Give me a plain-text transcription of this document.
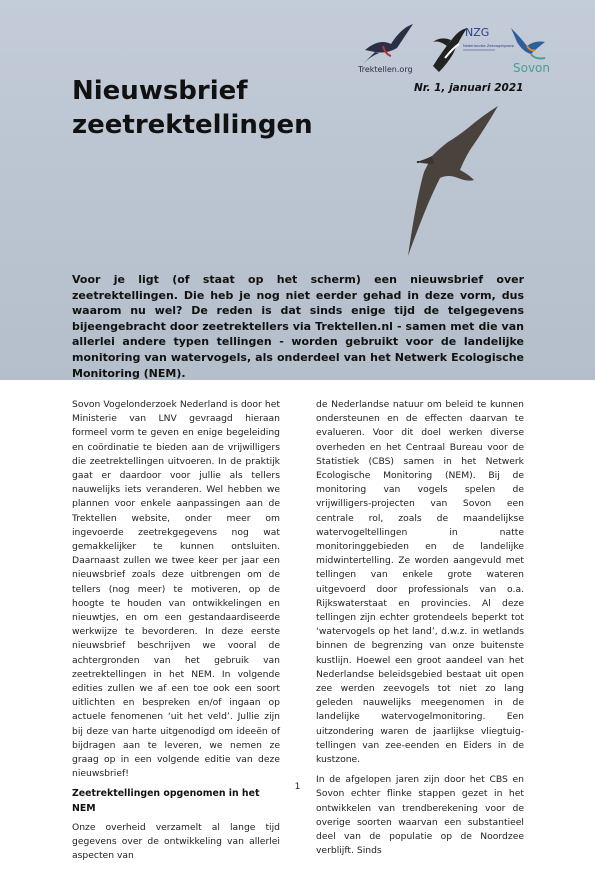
Trektellen.org
NZG
Nederlandse Zeevogelgroep
Sovon
Nieuwsbrief zeetrektellingen
Nr. 1, januari 2021

Voor je ligt (of staat op het scherm) een nieuwsbrief over zeetrektellingen. Die heb je nog niet eerder gehad in deze vorm, dus waarom nu wel? De reden is dat sinds enige tijd de telgegevens bijeengebracht door zeetrektellers via Trektellen.nl - samen met die van allerlei andere typen tellingen - worden gebruikt voor de landelijke monitoring van watervogels, als onderdeel van het Netwerk Ecologische Monitoring (NEM).

Sovon Vogelonderzoek Nederland is door het Ministerie van LNV gevraagd hieraan formeel vorm te geven en enige begeleiding en coördinatie te bieden aan de vrijwilligers die zeetrektellingen uitvoeren. In de praktijk gaat er daardoor voor jullie als tellers nauwelijks iets veranderen. Wel hebben we plannen voor enkele aanpassingen aan de Trektellen website, onder meer om ingevoerde zeetrekgegevens nog wat gemakkelijker te kunnen ontsluiten. Daarnaast zullen we twee keer per jaar een nieuwsbrief zoals deze uitbrengen om de tellers (nog meer) te motiveren, op de hoogte te houden van ontwikkelingen en nieuwtjes, en om een gestandaardiseerde werkwijze te bevorderen. In deze eerste nieuwsbrief beschrijven we vooral de achtergronden van het gebruik van zeetrektellingen in het NEM. In volgende edities zullen we af een toe ook een soort uitlichten en bespreken en/of ingaan op actuele fenomenen ‘uit het veld’. Jullie zijn bij deze van harte uitgenodigd om ideeën of bijdragen aan te leveren, we nemen ze graag op in een volgende editie van deze nieuwsbrief!

Zeetrektellingen opgenomen in het NEM

Onze overheid verzamelt al lange tijd gegevens over de ontwikkeling van allerlei aspecten van

de Nederlandse natuur om beleid te kunnen ondersteunen en de effecten daarvan te evalueren. Voor dit doel werken diverse overheden en het Centraal Bureau voor de Statistiek (CBS) samen in het Netwerk Ecologische Monitoring (NEM). Bij de monitoring van vogels spelen de vrijwilligers-projecten van Sovon een centrale rol, zoals de maandelijkse watervogeltellingen in natte monitoringgebieden en de landelijke midwintertelling. Ze worden aangevuld met tellingen van enkele grote wateren uitgevoerd door professionals van o.a. Rijkswaterstaat en provincies. Al deze tellingen zijn echter grotendeels beperkt tot ‘watervogels op het land’, d.w.z. in wetlands binnen de begrenzing van onze buitenste kustlijn. Hoewel een groot aandeel van het Nederlandse beleidsgebied bestaat uit open zee werden zeevogels tot niet zo lang geleden nauwelijks meegenomen in de landelijke watervogelmonitoring. Een uitzondering waren de jaarlijkse vliegtuig-tellingen van zee-eenden en Eiders in de kustzone.

In de afgelopen jaren zijn door het CBS en Sovon echter flinke stappen gezet in het ontwikkelen van trendberekening voor de overige soorten waarvan een substantieel deel van de populatie op de Noordzee verblijft. Sinds

1
